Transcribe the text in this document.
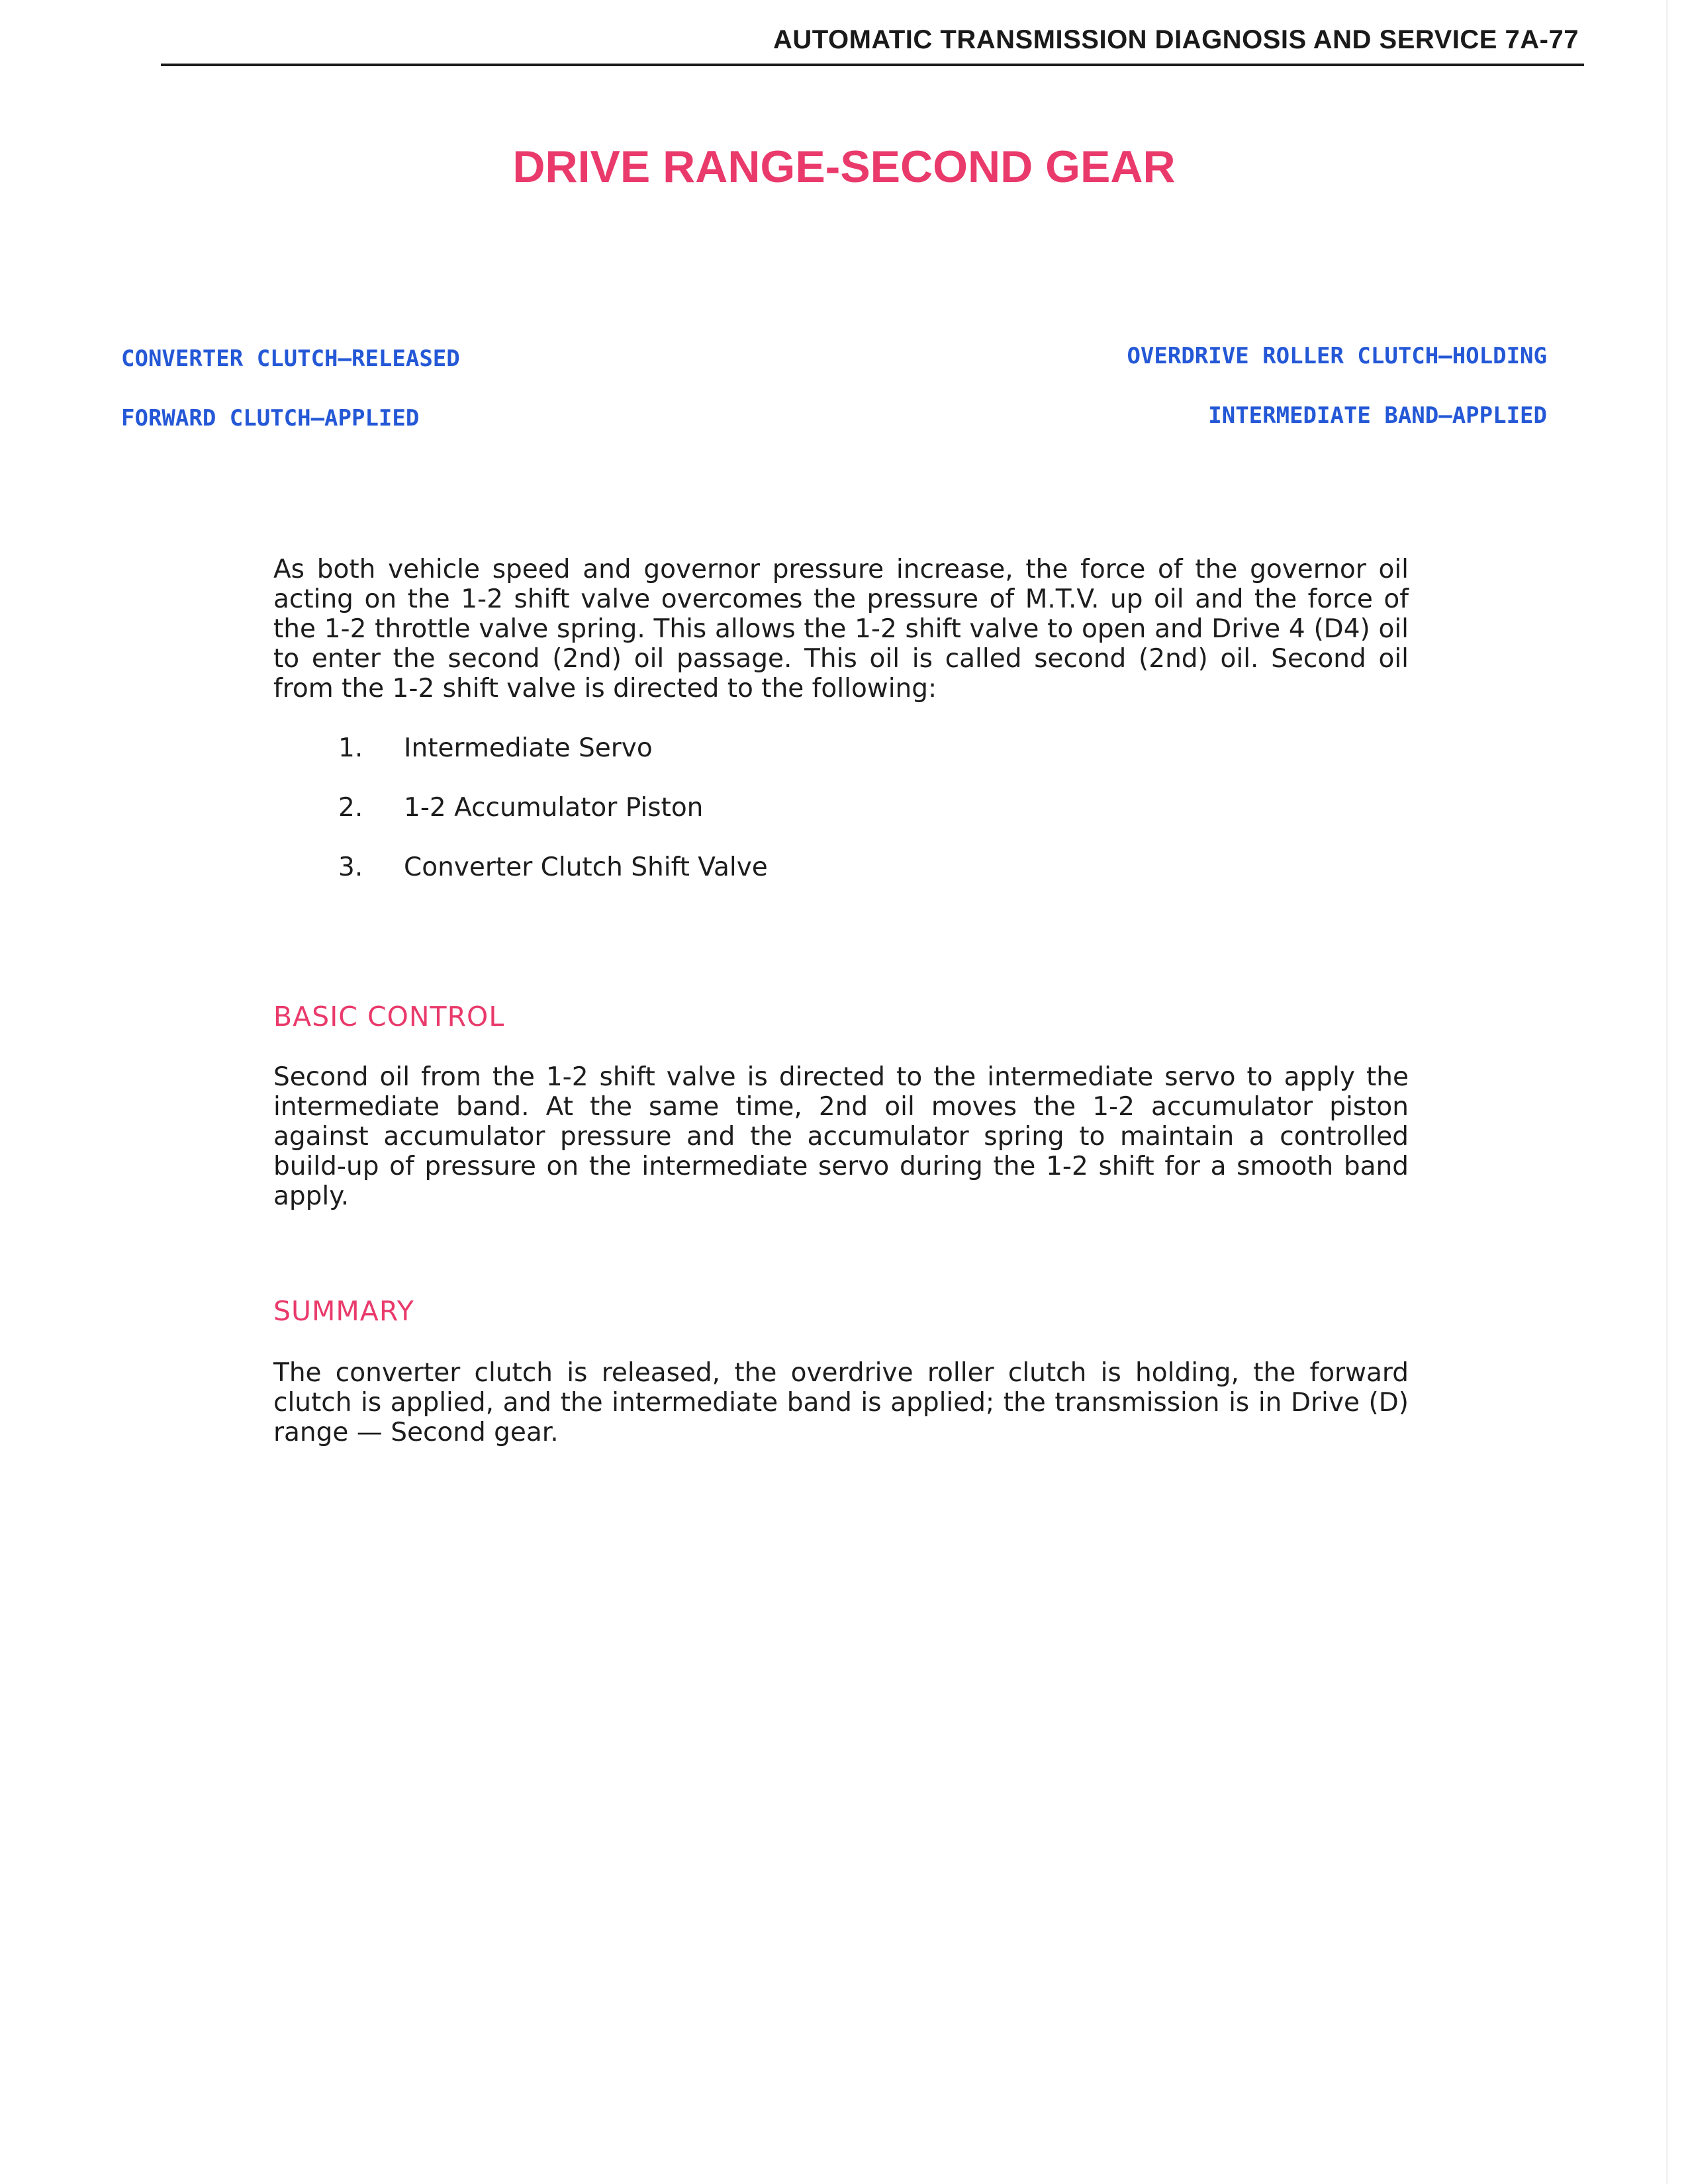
AUTOMATIC TRANSMISSION DIAGNOSIS AND SERVICE 7A-77
DRIVE RANGE-SECOND GEAR
CONVERTER CLUTCH—RELEASED
FORWARD CLUTCH—APPLIED
OVERDRIVE ROLLER CLUTCH—HOLDING
INTERMEDIATE BAND—APPLIED

As both vehicle speed and governor pressure increase, the force of the governor oil acting on the 1-2 shift valve overcomes the pressure of M.T.V. up oil and the force of the 1-2 throttle valve spring. This allows the 1-2 shift valve to open and Drive 4 (D4) oil to enter the second (2nd) oil passage. This oil is called second (2nd) oil. Second oil from the 1-2 shift valve is directed to the following:

1. Intermediate Servo
2. 1-2 Accumulator Piston
3. Converter Clutch Shift Valve
BASIC CONTROL

Second oil from the 1-2 shift valve is directed to the intermediate servo to apply the intermediate band. At the same time, 2nd oil moves the 1-2 accumulator piston against accumulator pressure and the accumulator spring to maintain a controlled build-up of pressure on the intermediate servo during the 1-2 shift for a smooth band apply.

SUMMARY

The converter clutch is released, the overdrive roller clutch is holding, the forward clutch is applied, and the intermediate band is applied; the transmission is in Drive (D) range — Second gear.
